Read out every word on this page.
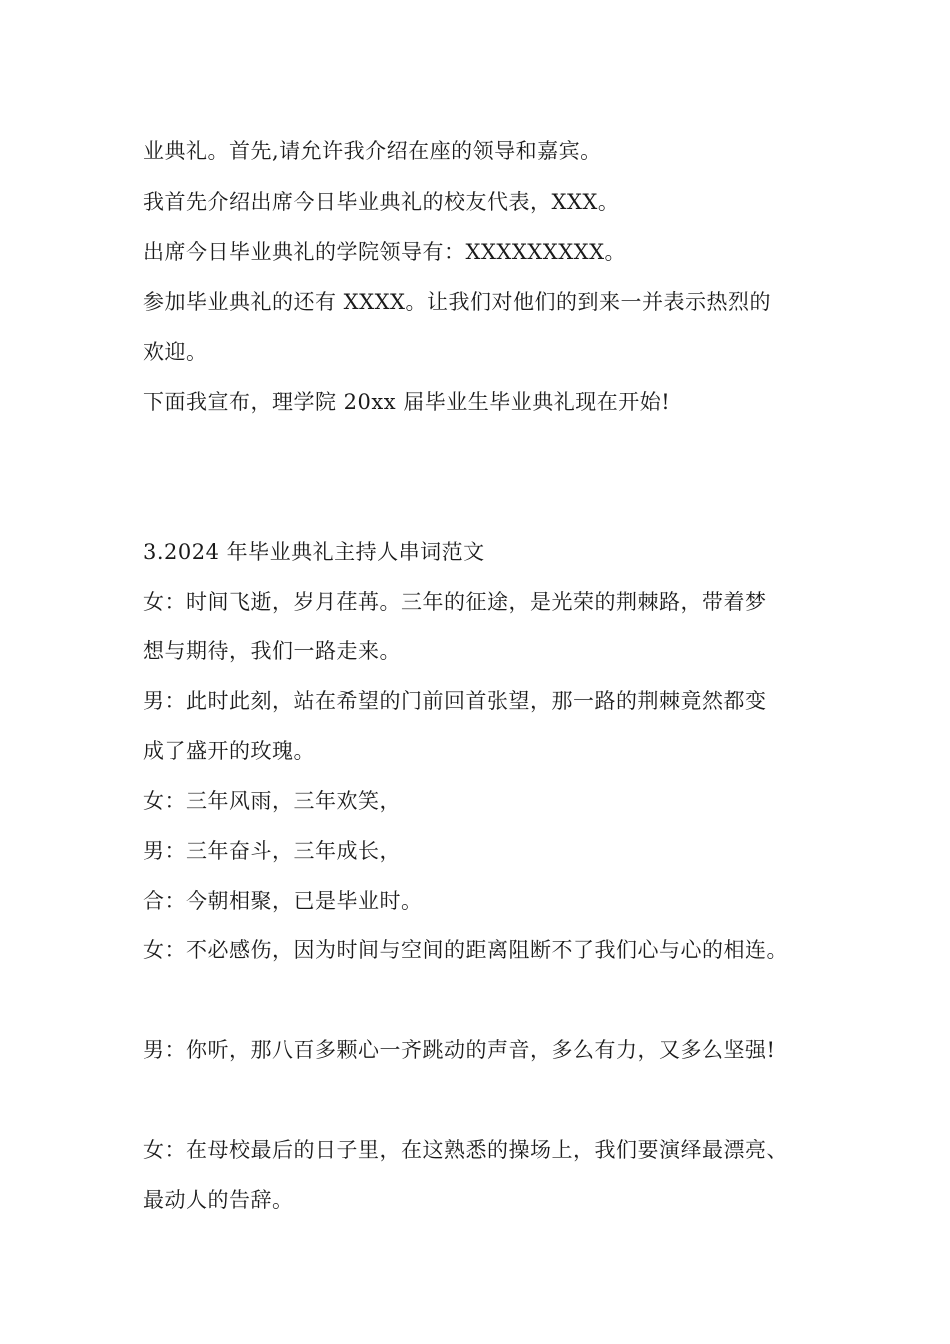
业典礼。首先,请允许我介绍在座的领导和嘉宾。
我首先介绍出席今日毕业典礼的校友代表，XXX。
出席今日毕业典礼的学院领导有：XXXXXXXXX。
参加毕业典礼的还有 XXXX。让我们对他们的到来一并表示热烈的
欢迎。
下面我宣布，理学院 20xx 届毕业生毕业典礼现在开始!
3.2024 年毕业典礼主持人串词范文
女：时间飞逝，岁月荏苒。三年的征途，是光荣的荆棘路，带着梦
想与期待，我们一路走来。
男：此时此刻，站在希望的门前回首张望，那一路的荆棘竟然都变
成了盛开的玫瑰。
女：三年风雨，三年欢笑，
男：三年奋斗，三年成长，
合：今朝相聚，已是毕业时。
女：不必感伤，因为时间与空间的距离阻断不了我们心与心的相连。
男：你听，那八百多颗心一齐跳动的声音，多么有力，又多么坚强!
女：在母校最后的日子里，在这熟悉的操场上，我们要演绎最漂亮、
最动人的告辞。
